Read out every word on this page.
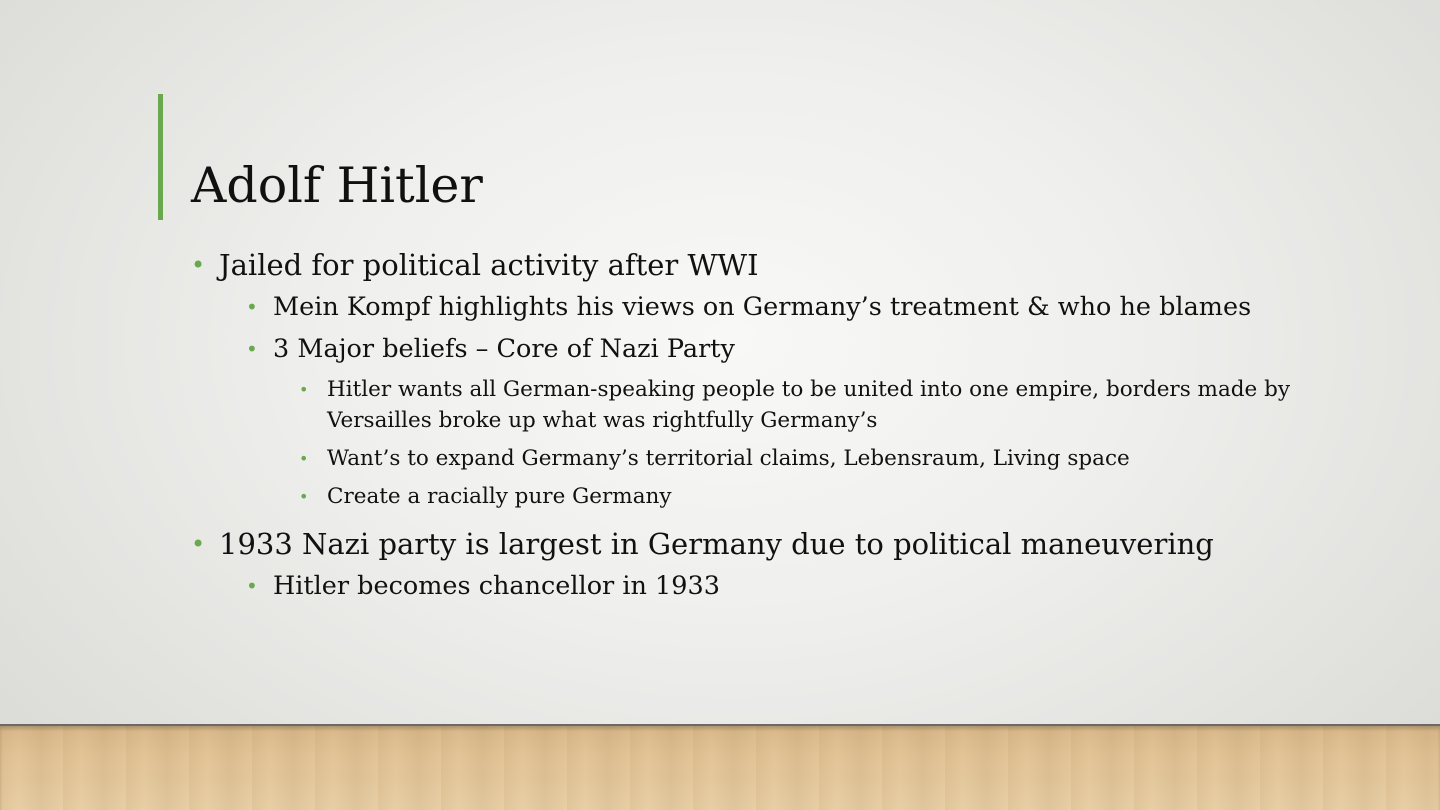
Adolf Hitler
• Jailed for political activity after WWI
• Mein Kompf highlights his views on Germany’s treatment & who he blames
• 3 Major beliefs – Core of Nazi Party
• Hitler wants all German-speaking people to be united into one empire, borders made by Versailles broke up what was rightfully Germany’s
• Want’s to expand Germany’s territorial claims, Lebensraum, Living space
• Create a racially pure Germany
• 1933 Nazi party is largest in Germany due to political maneuvering
• Hitler becomes chancellor in 1933
